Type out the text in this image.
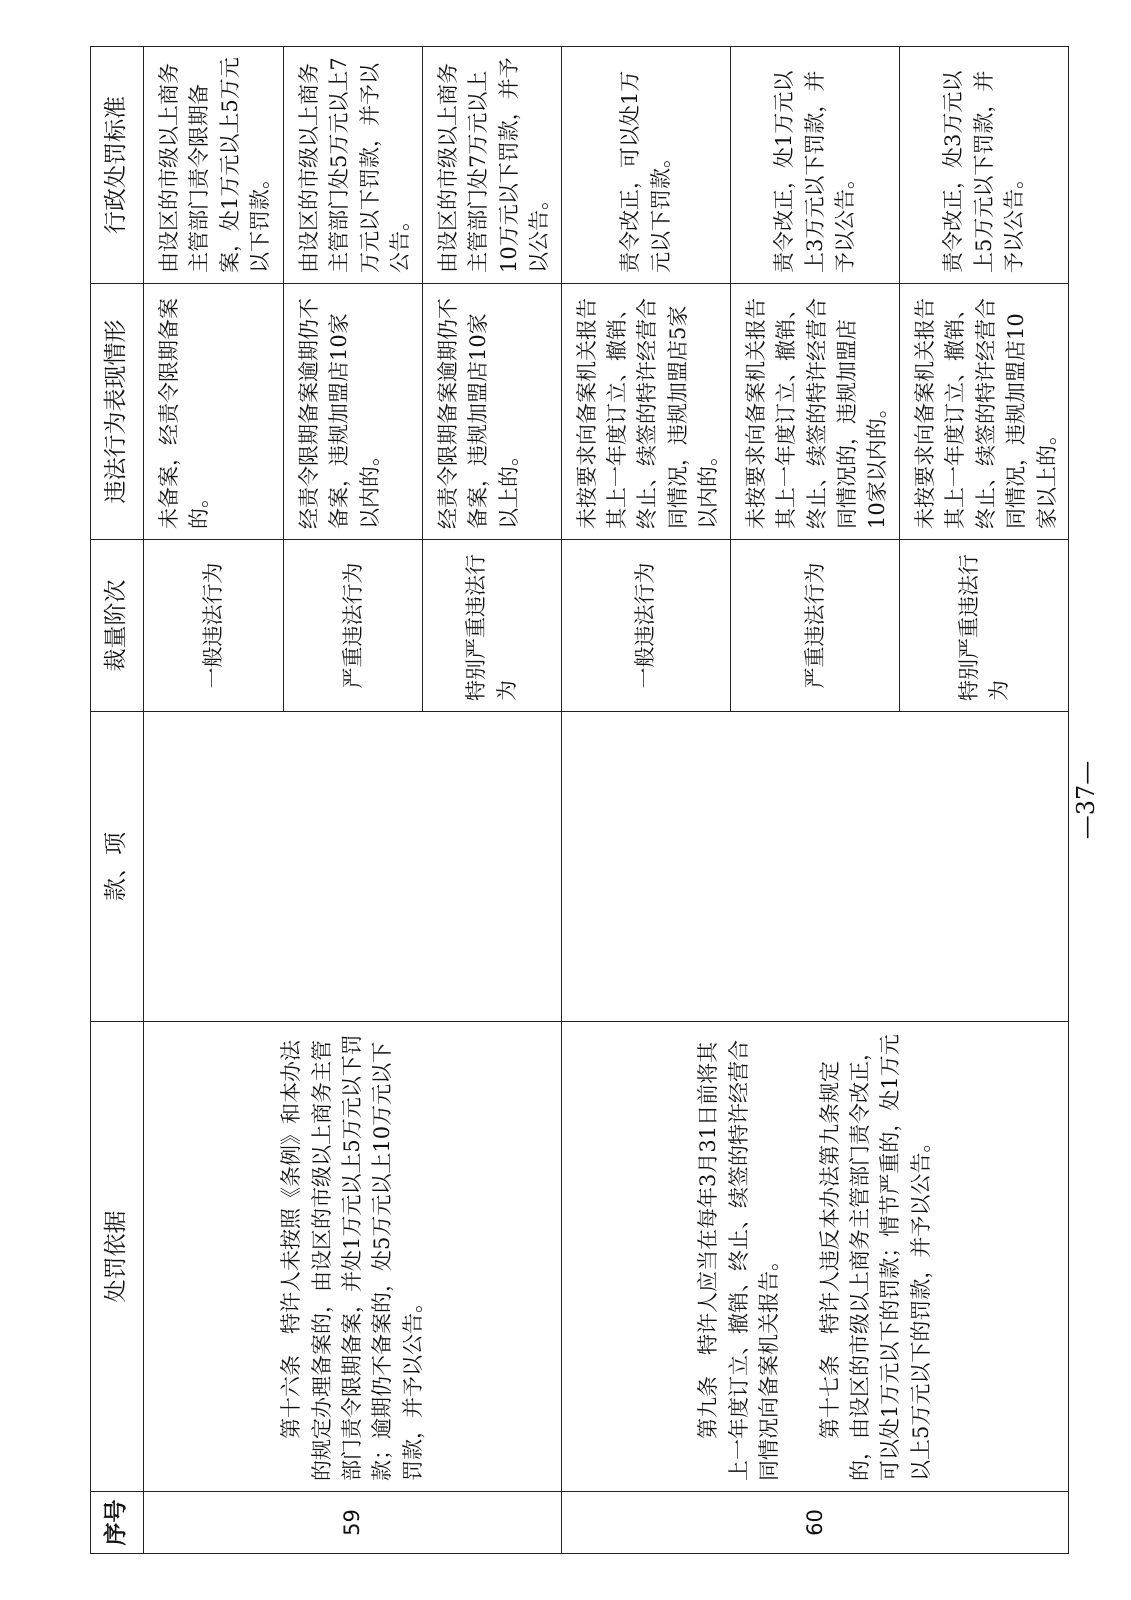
序号	处罚依据	款、项	裁量阶次	违法行为表现情形	行政处罚标准
59	第十六条　特许人未按照《条例》和本办法的规定办理备案的，由设区的市级以上商务主管部门责令限期备案，并处1万元以上5万元以下罚款；逾期仍不备案的，处5万元以上10万元以下罚款，并予以公告。		一般违法行为	未备案，经责令限期备案的。	由设区的市级以上商务主管部门责令限期备案，处1万元以上5万元以下罚款。
			严重违法行为	经责令限期备案逾期仍不备案，违规加盟店10家以内的。	由设区的市级以上商务主管部门处5万元以上7万元以下罚款，并予以公告。
			特别严重违法行为	经责令限期备案逾期仍不备案，违规加盟店10家以上的。	由设区的市级以上商务主管部门处7万元以上10万元以下罚款，并予以公告。
60	第九条　特许人应当在每年3月31日前将其上一年度订立、撤销、终止、续签的特许经营合同情况向备案机关报告。 第十七条　特许人违反本办法第九条规定的，由设区的市级以上商务主管部门责令改正，可以处1万元以下的罚款；情节严重的，处1万元以上5万元以下的罚款，并予以公告。		一般违法行为	未按要求向备案机关报告其上一年度订立、撤销、终止、续签的特许经营合同情况，违规加盟店5家以内的。	责令改正，可以处1万元以下罚款。
			严重违法行为	未按要求向备案机关报告其上一年度订立、撤销、终止、续签的特许经营合同情况的，违规加盟店10家以内的。	责令改正，处1万元以上3万元以下罚款，并予以公告。
			特别严重违法行为	未按要求向备案机关报告其上一年度订立、撤销、终止、续签的特许经营合同情况，违规加盟店10家以上的。	责令改正，处3万元以上5万元以下罚款，并予以公告。
—37—
